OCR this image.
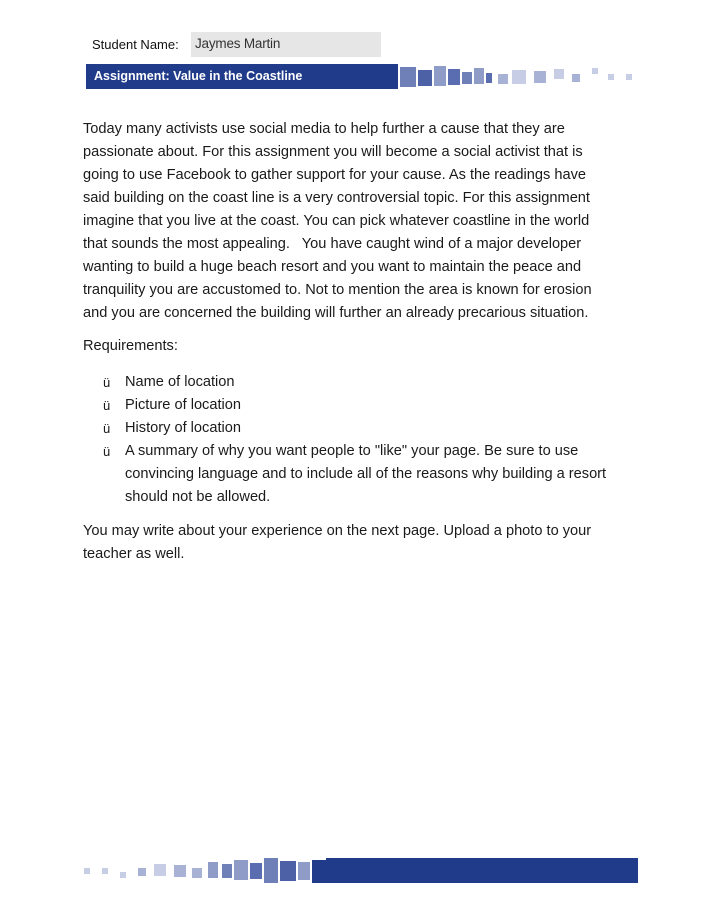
Student Name: Jaymes Martin
Assignment: Value in the Coastline
Today many activists use social media to help further a cause that they are
passionate about. For this assignment you will become a social activist that is
going to use Facebook to gather support for your cause. As the readings have
said building on the coast line is a very controversial topic. For this assignment
imagine that you live at the coast. You can pick whatever coastline in the world
that sounds the most appealing.   You have caught wind of a major developer
wanting to build a huge beach resort and you want to maintain the peace and
tranquility you are accustomed to. Not to mention the area is known for erosion
and you are concerned the building will further an already precarious situation.
Requirements:
ü	Name of location
ü	Picture of location
ü	History of location
ü	A summary of why you want people to "like" your page. Be sure to use convincing language and to include all of the reasons why building a resort should not be allowed.

You may write about your experience on the next page. Upload a photo to your teacher as well.
